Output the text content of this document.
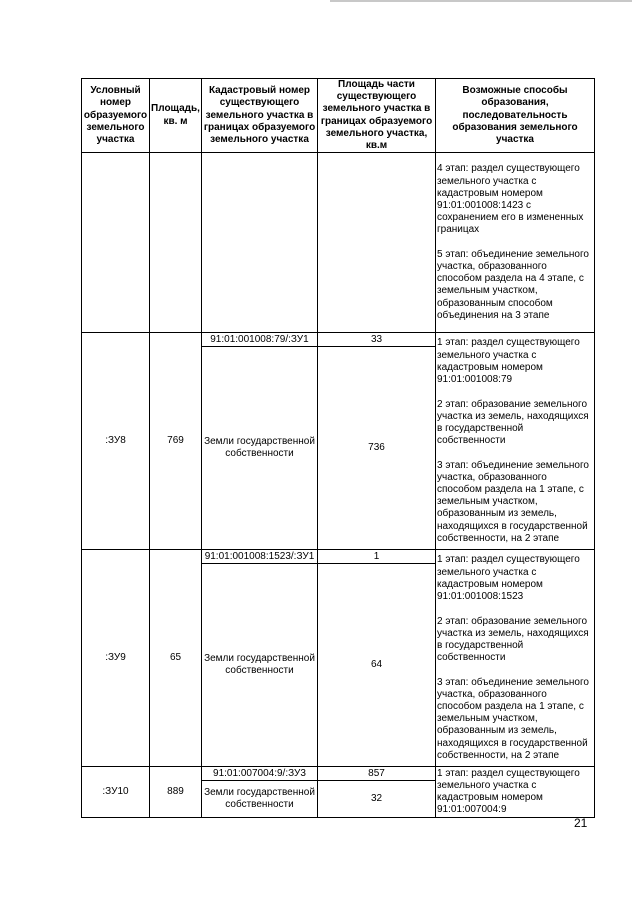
Условный номер образуемого земельного участка	Площадь, кв. м	Кадастровый номер существующего земельного участка в границах образуемого земельного участка	Площадь части существующего земельного участка в границах образуемого земельного участка, кв.м	Возможные способы образования, последовательность образования земельного участка
				4 этап: раздел существующего земельного участка с кадастровым номером 91:01:001008:1423 с сохранением его в измененных границах

5 этап: объединение земельного участка, образованного способом раздела на 4 этапе, с земельным участком, образованным способом объединения на 3 этапе
:ЗУ8	769	91:01:001008:79/:ЗУ1	33	1 этап: раздел существующего земельного участка с кадастровым номером 91:01:001008:79

2 этап: образование земельного участка из земель, находящихся в государственной собственности

3 этап: объединение земельного участка, образованного способом раздела на 1 этапе, с земельным участком, образованным из земель, находящихся в государственной собственности, на 2 этапе
		Земли государственной собственности	736	
:ЗУ9	65	91:01:001008:1523/:ЗУ1	1	1 этап: раздел существующего земельного участка с кадастровым номером 91:01:001008:1523

2 этап: образование земельного участка из земель, находящихся в государственной собственности

3 этап: объединение земельного участка, образованного способом раздела на 1 этапе, с земельным участком, образованным из земель, находящихся в государственной собственности, на 2 этапе
		Земли государственной собственности	64	
:ЗУ10	889	91:01:007004:9/:ЗУ3	857	1 этап: раздел существующего земельного участка с кадастровым номером 91:01:007004:9
		Земли государственной собственности	32	
21
